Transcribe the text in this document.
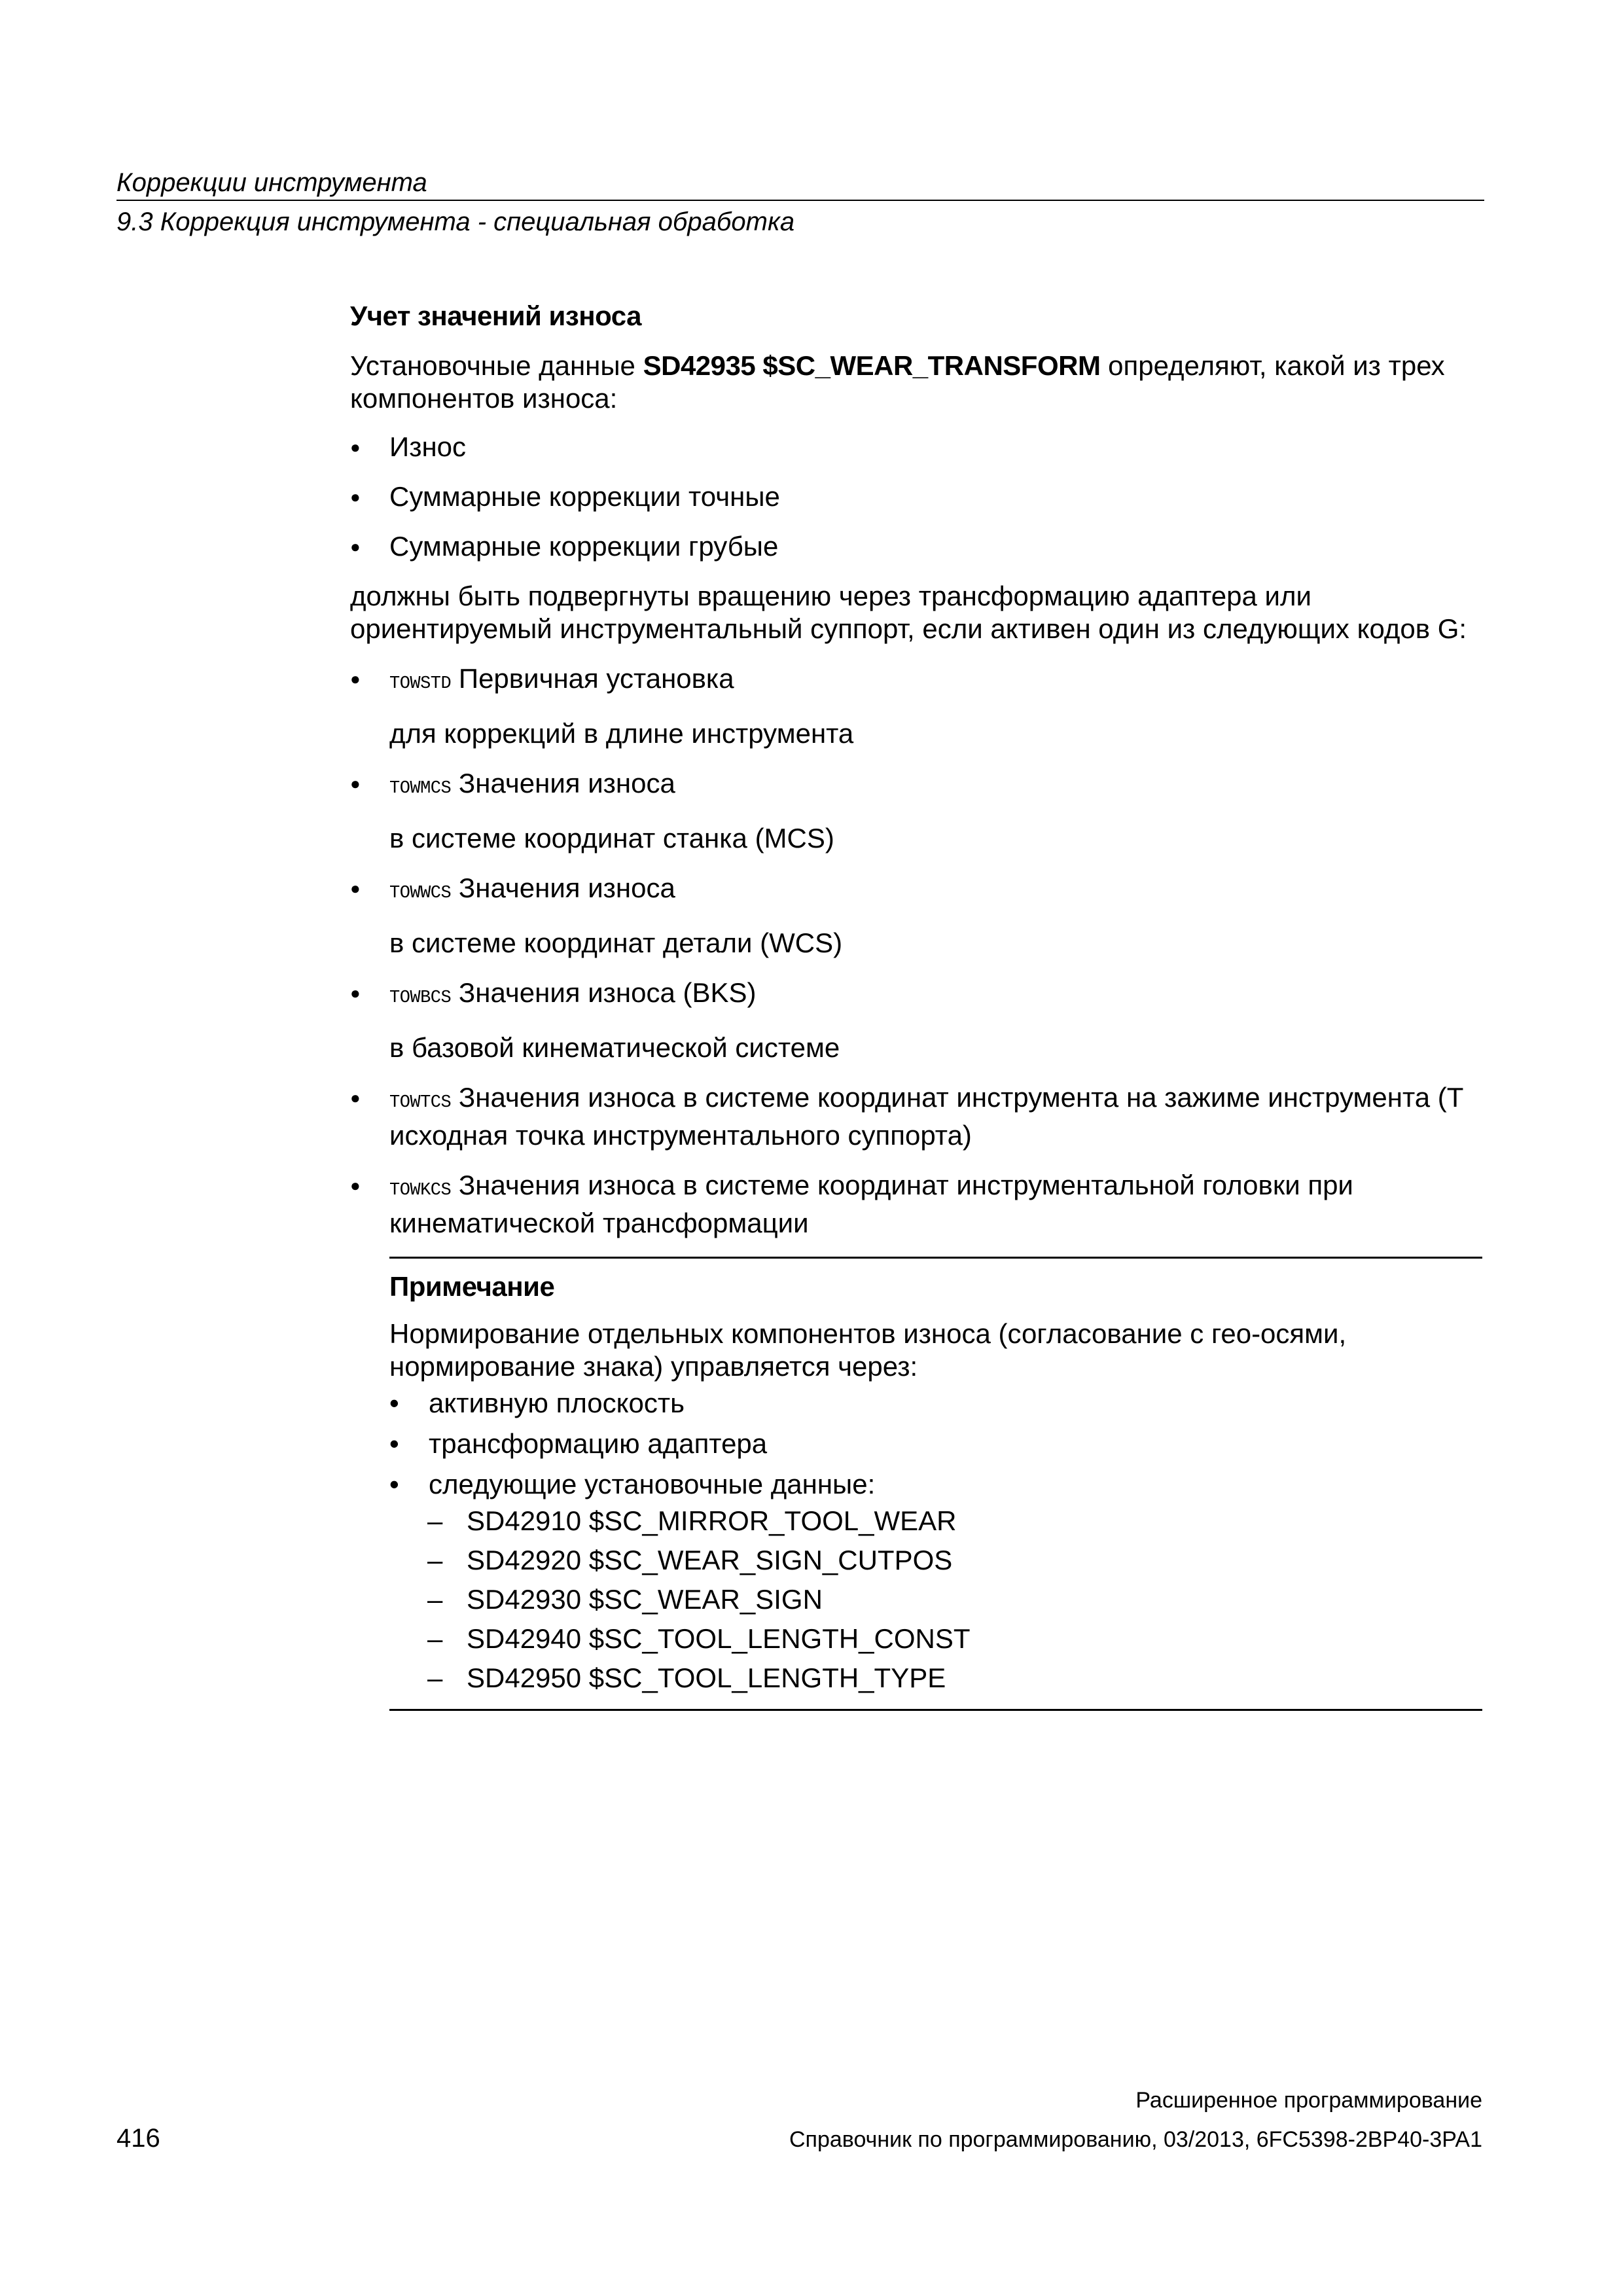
Коррекции инструмента
9.3 Коррекция инструмента - специальная обработка
Учет значений износа

Установочные данные SD42935 $SC_WEAR_TRANSFORM определяют, какой из трех компонентов износа:

● Износ
● Суммарные коррекции точные
● Суммарные коррекции грубые

должны быть подвергнуты вращению через трансформацию адаптера или ориентируемый инструментальный суппорт, если активен один из следующих кодов G:

● TOWSTD Первичная установка
для коррекций в длине инструмента
● TOWMCS Значения износа
в системе координат станка (MCS)
● TOWWCS Значения износа
в системе координат детали (WCS)
● TOWBCS Значения износа (BKS)
в базовой кинематической системе
● TOWTCS Значения износа в системе координат инструмента на зажиме инструмента (T исходная точка инструментального суппорта)
● TOWKCS Значения износа в системе координат инструментальной головки при кинематической трансформации
Примечание

Нормирование отдельных компонентов износа (согласование с гео-осями, нормирование знака) управляется через:

• активную плоскость
• трансформацию адаптера
• следующие установочные данные:
– SD42910 $SC_MIRROR_TOOL_WEAR
– SD42920 $SC_WEAR_SIGN_CUTPOS
– SD42930 $SC_WEAR_SIGN
– SD42940 $SC_TOOL_LENGTH_CONST
– SD42950 $SC_TOOL_LENGTH_TYPE
416
Расширенное программирование
Справочник по программированию, 03/2013, 6FC5398-2BP40-3PA1
